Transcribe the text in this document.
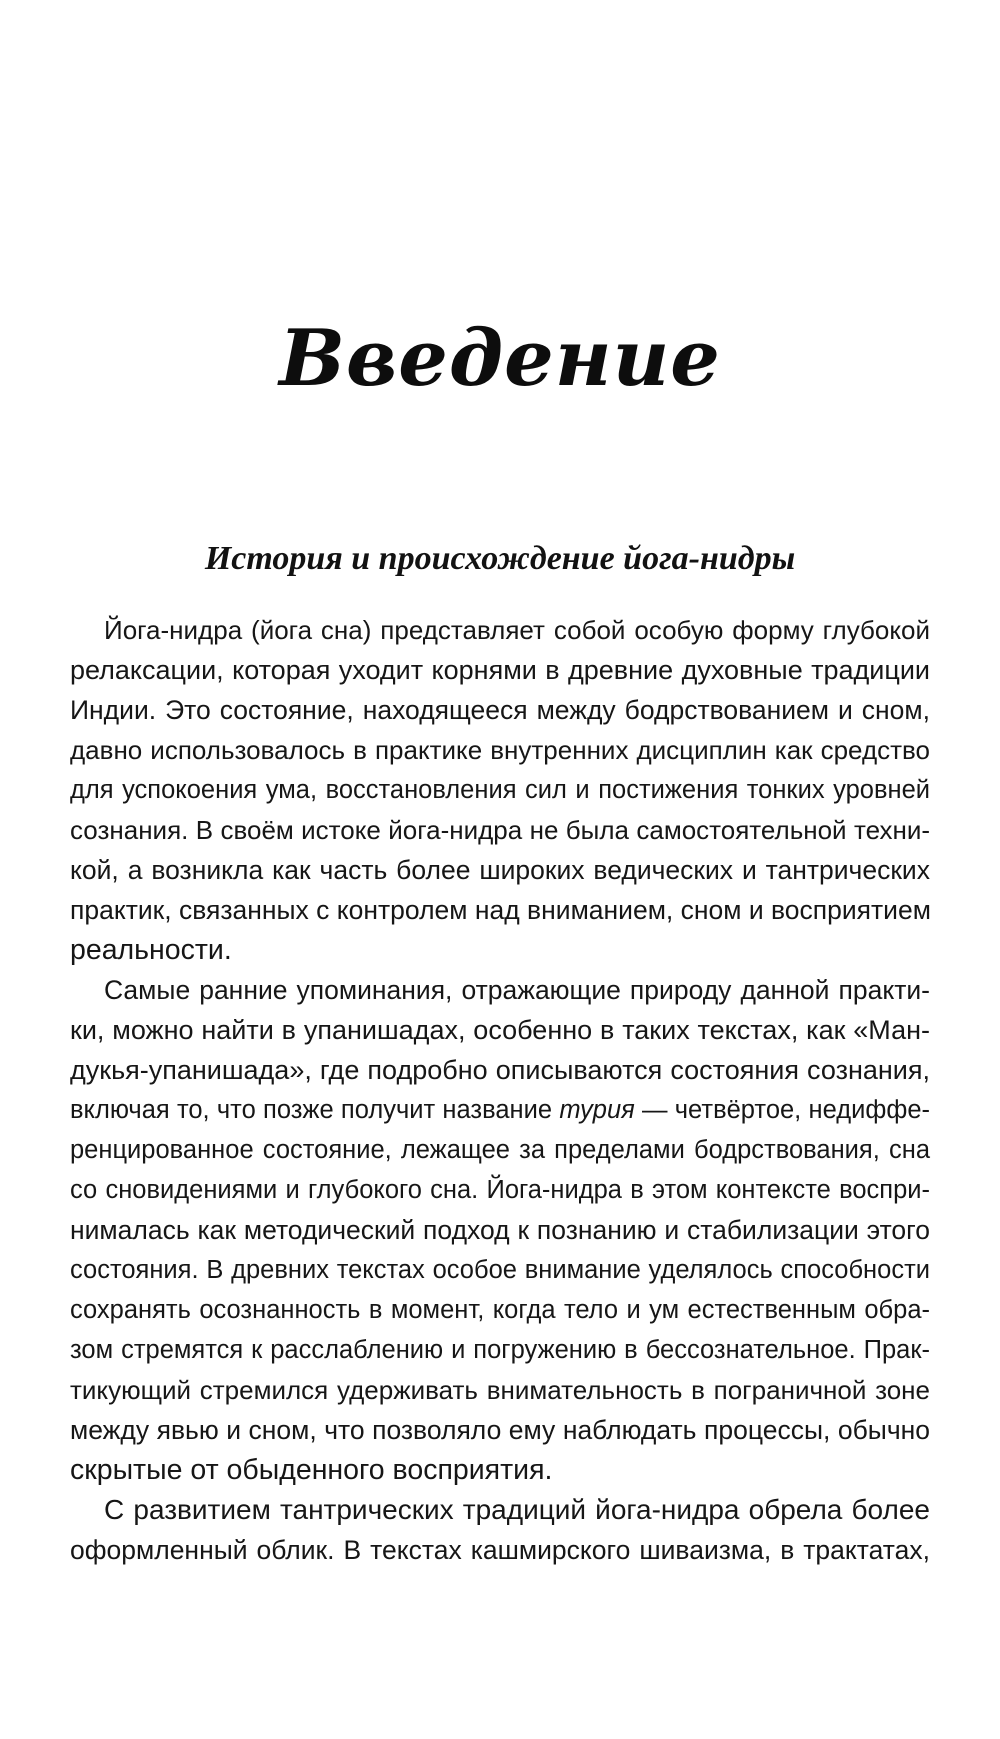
Введение
История и происхождение йога-нидры
Йога-нидра (йога сна) представляет собой особую форму глубокой
релаксации, которая уходит корнями в древние духовные традиции
Индии. Это состояние, находящееся между бодрствованием и сном,
давно использовалось в практике внутренних дисциплин как средство
для успокоения ума, восстановления сил и постижения тонких уровней
сознания. В своём истоке йога-нидра не была самостоятельной техни-
кой, а возникла как часть более широких ведических и тантрических
практик, связанных с контролем над вниманием, сном и восприятием
реальности.
Самые ранние упоминания, отражающие природу данной практи-
ки, можно найти в упанишадах, особенно в таких текстах, как «Ман-
дукья-упанишада», где подробно описываются состояния сознания,
включая то, что позже получит название турия — четвёртое, недиффе-
ренцированное состояние, лежащее за пределами бодрствования, сна
со сновидениями и глубокого сна. Йога-нидра в этом контексте воспри-
нималась как методический подход к познанию и стабилизации этого
состояния. В древних текстах особое внимание уделялось способности
сохранять осознанность в момент, когда тело и ум естественным обра-
зом стремятся к расслаблению и погружению в бессознательное. Прак-
тикующий стремился удерживать внимательность в пограничной зоне
между явью и сном, что позволяло ему наблюдать процессы, обычно
скрытые от обыденного восприятия.
С развитием тантрических традиций йога-нидра обрела более
оформленный облик. В текстах кашмирского шиваизма, в трактатах,
